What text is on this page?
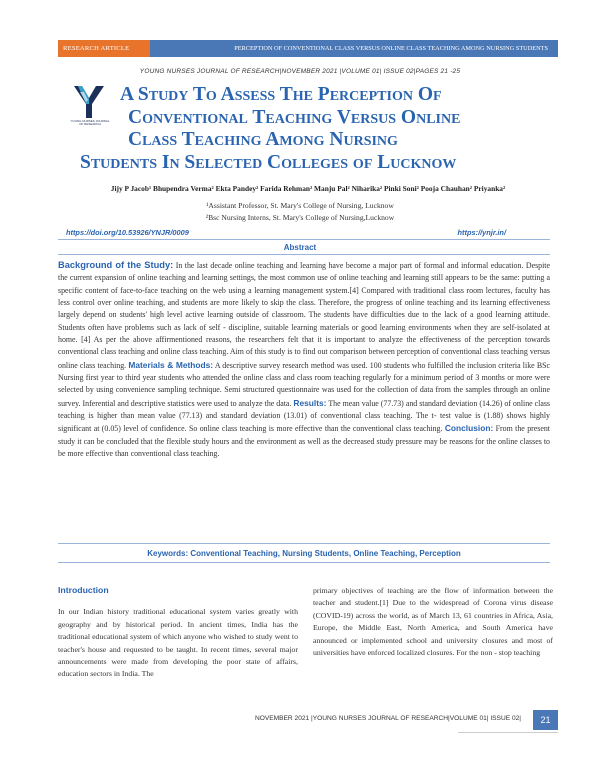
RESEARCH ARTICLE	PERCEPTION OF CONVENTIONAL CLASS VERSUS ONLINE CLASS TEACHING AMONG NURSING STUDENTS
YOUNG NURSES JOURNAL OF RESEARCH|NOVEMBER 2021 |VOLUME 01| ISSUE 02|PAGES 21 -25
YOUNG NURSES JOURNAL OF RESEARCH
A Study To Assess The Perception Of
Conventional Teaching Versus Online
Class Teaching Among Nursing
Students In Selected Colleges of Lucknow
Jijy P Jacob¹ Bhupendra Verma² Ekta Pandey² Farida Rehman² Manju Pal² Niharika² Pinki Soni² Pooja Chauhan² Priyanka²
¹Assistant Professor, St. Mary's College of Nursing, Lucknow
²Bsc Nursing Interns, St. Mary's College of Nursing,Lucknow
https://doi.org/10.53926/YNJR/0009	https://ynjr.in/
Abstract
Background of the Study: In the last decade online teaching and learning have become a major part of formal and informal education. Despite the current expansion of online teaching and learning settings, the most common use of online teaching and learning still appears to be the same: putting a specific content of face-to-face teaching on the web using a learning management system.[4] Compared with traditional class room lectures, faculty has less control over online teaching, and students are more likely to skip the class. Therefore, the progress of online teaching and its learning effectiveness largely depend on students' high level active learning outside of classroom. The students have difficulties due to the lack of a good learning attitude. Students often have problems such as lack of self - discipline, suitable learning materials or good learning environments when they are self-isolated at home. [4] As per the above affirmentioned reasons, the researchers felt that it is important to analyze the effectiveness of the perception towards conventional class teaching and online class teaching. Aim of this study is to find out comparison between perception of conventional class teaching versus online class teaching. Materials & Methods: A descriptive survey research method was used. 100 students who fulfilled the inclusion criteria like BSc Nursing first year to third year students who attended the online class and class room teaching regularly for a minimum period of 3 months or more were selected by using convenience sampling technique. Semi structured questionnaire was used for the collection of data from the samples through an online survey. Inferential and descriptive statistics were used to analyze the data. Results: The mean value (77.73) and standard deviation (14.26) of online class teaching is higher than mean value (77.13) and standard deviation (13.01) of conventional class teaching. The t- test value is (1.88) shows highly significant at (0.05) level of confidence. So online class teaching is more effective than the conventional class teaching. Conclusion: From the present study it can be concluded that the flexible study hours and the environment as well as the decreased study pressure may be reasons for the online classes to be more effective than conventional class teaching.
Keywords: Conventional Teaching, Nursing Students, Online Teaching, Perception
Introduction
In our Indian history traditional educational system varies greatly with geography and by historical period. In ancient times, India has the traditional educational system of which anyone who wished to study went to teacher's house and requested to be taught. In recent times, several major announcements were made from developing the poor state of affairs, education sectors in India. The
primary objectives of teaching are the flow of information between the teacher and student.[1] Due to the widespread of Corona virus disease (COVID-19) across the world, as of March 13, 61 countries in Africa, Asia, Europe, the Middle East, North America, and South America have announced or implemented school and university closures and most of universities have enforced localized closures. For the non - stop teaching
NOVEMBER 2021 |YOUNG NURSES JOURNAL OF RESEARCH|VOLUME 01| ISSUE 02|	21
